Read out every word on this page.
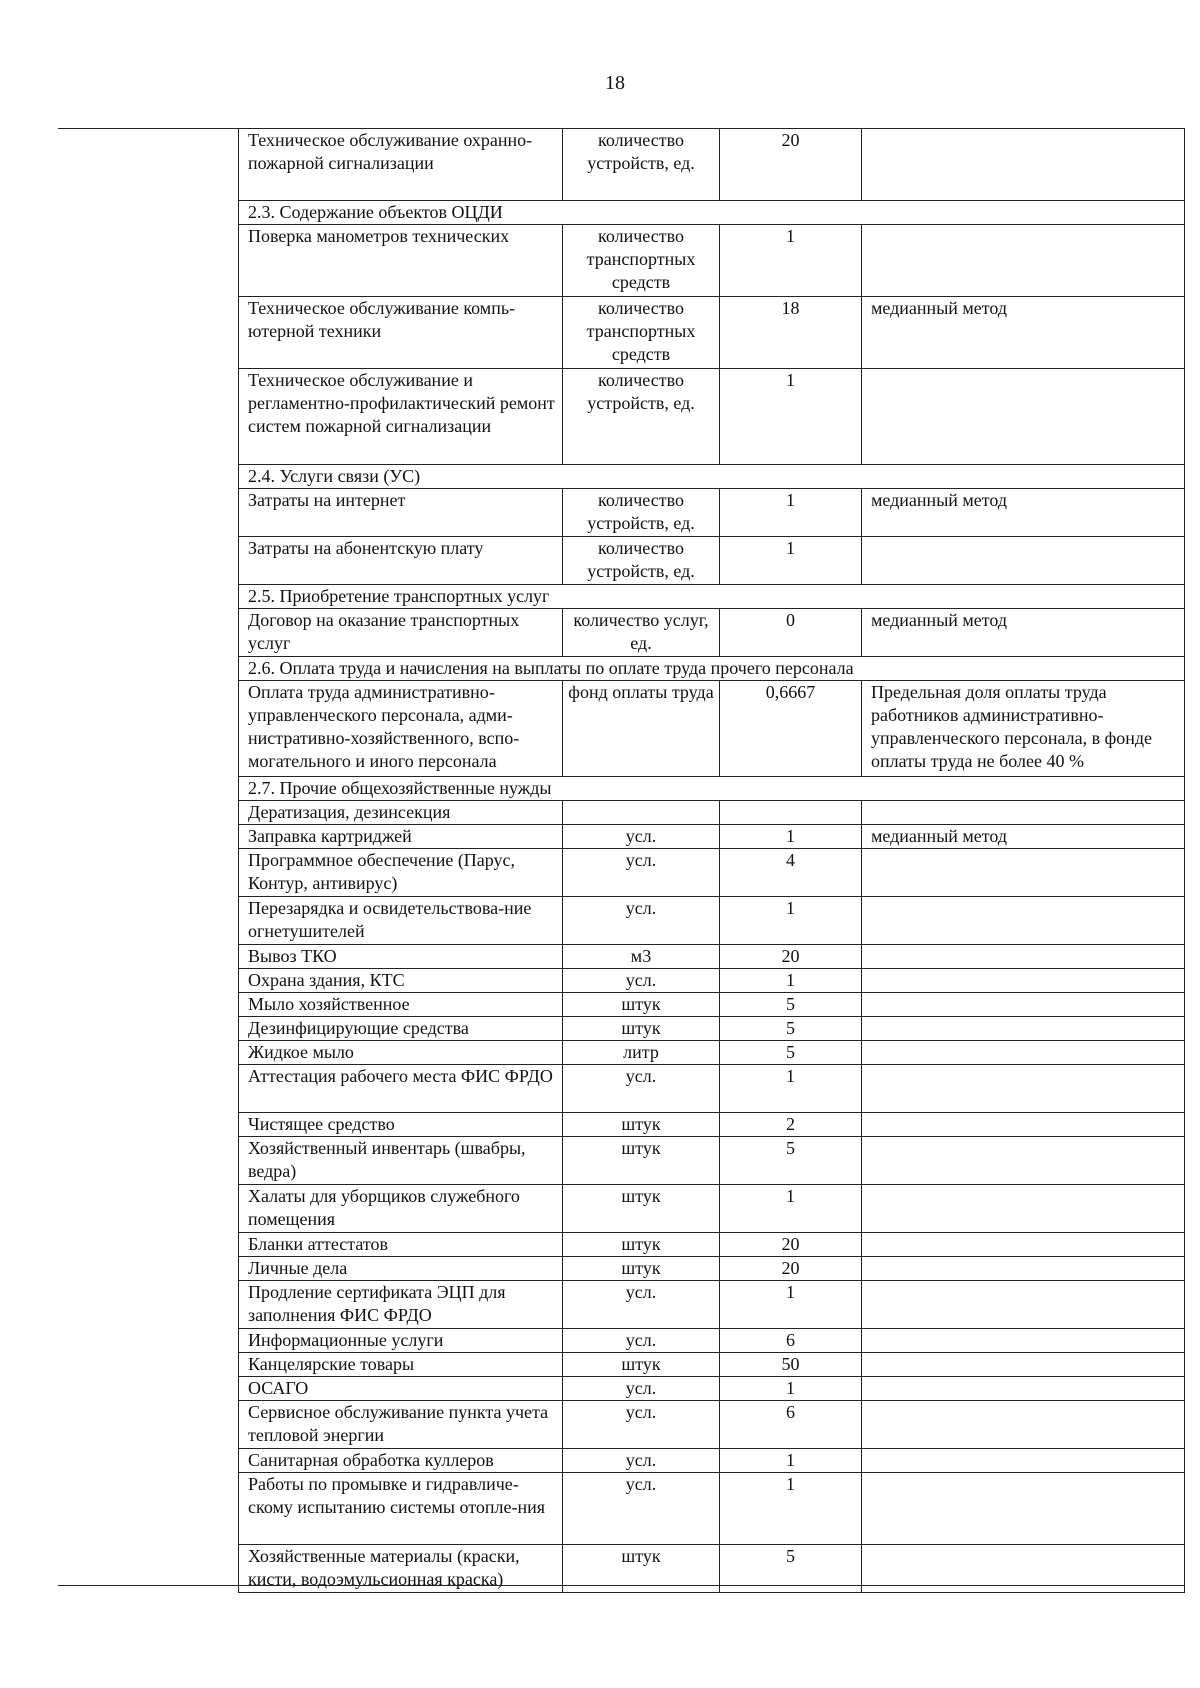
18
Техническое обслуживание охранно-пожарной сигнализации	количество устройств, ед.	20	
2.3. Содержание объектов ОЦДИ			
Поверка манометров технических	количество транспортных средств	1	
Техническое обслуживание компь-ютерной техники	количество транспортных средств	18	медианный метод
Техническое обслуживание и регламентно-профилактический ремонт систем пожарной сигнализации	количество устройств, ед.	1	
2.4. Услуги связи (УС)			
Затраты на интернет	количество устройств, ед.	1	медианный метод
Затраты на абонентскую плату	количество устройств, ед.	1	
2.5. Приобретение транспортных услуг			
Договор на оказание транспортных услуг	количество услуг, ед.	0	медианный метод
2.6. Оплата труда и начисления на выплаты по оплате труда прочего персонала			
Оплата труда административно-управленческого персонала, адми-нистративно-хозяйственного, вспо-могательного и иного персонала	фонд оплаты труда	0,6667	Предельная доля оплаты труда работников административно-управленческого персонала, в фонде оплаты труда не более 40 %
2.7. Прочие общехозяйственные нужды			
Дератизация, дезинсекция			
Заправка картриджей	усл.	1	медианный метод
Программное обеспечение (Парус, Контур, антивирус)	усл.	4	
Перезарядка и освидетельствова-ние огнетушителей	усл.	1	
Вывоз ТКО	м3	20	
Охрана здания, КТС	усл.	1	
Мыло хозяйственное	штук	5	
Дезинфицирующие средства	штук	5	
Жидкое мыло	литр	5	
Аттестация рабочего места ФИС ФРДО	усл.	1	
Чистящее средство	штук	2	
Хозяйственный инвентарь (швабры, ведра)	штук	5	
Халаты для уборщиков служебного помещения	штук	1	
Бланки аттестатов	штук	20	
Личные дела	штук	20	
Продление сертификата ЭЦП для заполнения ФИС ФРДО	усл.	1	
Информационные услуги	усл.	6	
Канцелярские товары	штук	50	
ОСАГО	усл.	1	
Сервисное обслуживание пункта учета тепловой энергии	усл.	6	
Санитарная обработка куллеров	усл.	1	
Работы по промывке и гидравличе-скому испытанию системы отопле-ния	усл.	1	
Хозяйственные материалы (краски, кисти, водоэмульсионная краска)	штук	5	
